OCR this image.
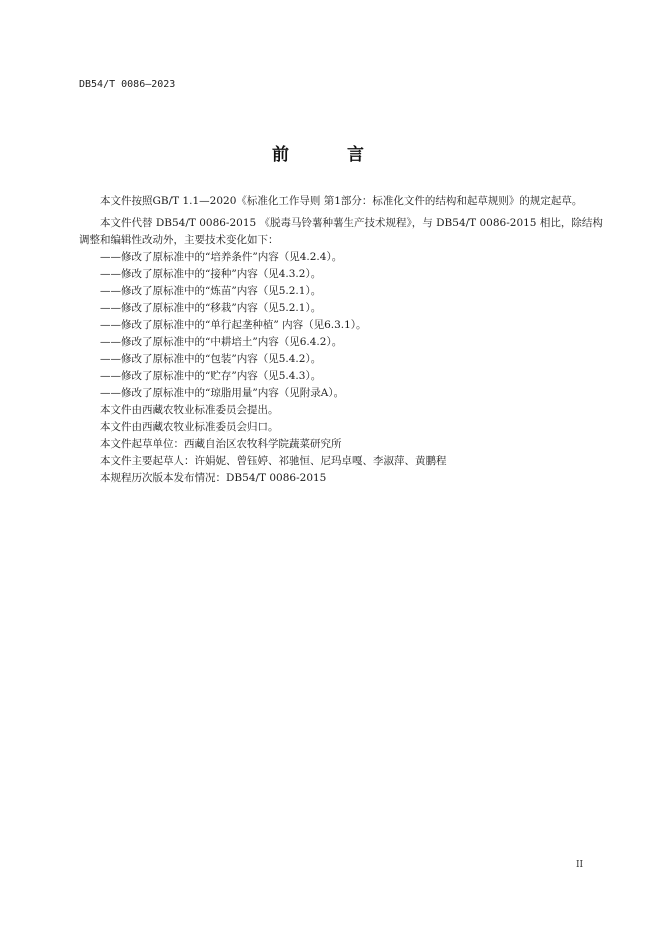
DB54/T 0086—2023
前 言

本文件按照GB/T 1.1—2020《标准化工作导则 第1部分：标准化文件的结构和起草规则》的规定起草。

本文件代替 DB54/T 0086-2015 《脱毒马铃薯种薯生产技术规程》，与 DB54/T 0086-2015 相比，除结构调整和编辑性改动外，主要技术变化如下：

——修改了原标准中的“培养条件”内容（见4.2.4）。

——修改了原标准中的“接种”内容（见4.3.2）。

——修改了原标准中的“炼苗”内容（见5.2.1）。

——修改了原标准中的“移栽”内容（见5.2.1）。

——修改了原标准中的“单行起垄种植” 内容（见6.3.1）。

——修改了原标准中的“中耕培土”内容（见6.4.2）。

——修改了原标准中的“包装”内容（见5.4.2）。

——修改了原标准中的“贮存”内容（见5.4.3）。

——修改了原标准中的“琼脂用量”内容（见附录A）。

本文件由西藏农牧业标准委员会提出。

本文件由西藏农牧业标准委员会归口。

本文件起草单位：西藏自治区农牧科学院蔬菜研究所

本文件主要起草人：许娟妮、曾钰婷、祁驰恒、尼玛卓嘎、李淑萍、黄鹏程

本规程历次版本发布情况：DB54/T 0086-2015

II
